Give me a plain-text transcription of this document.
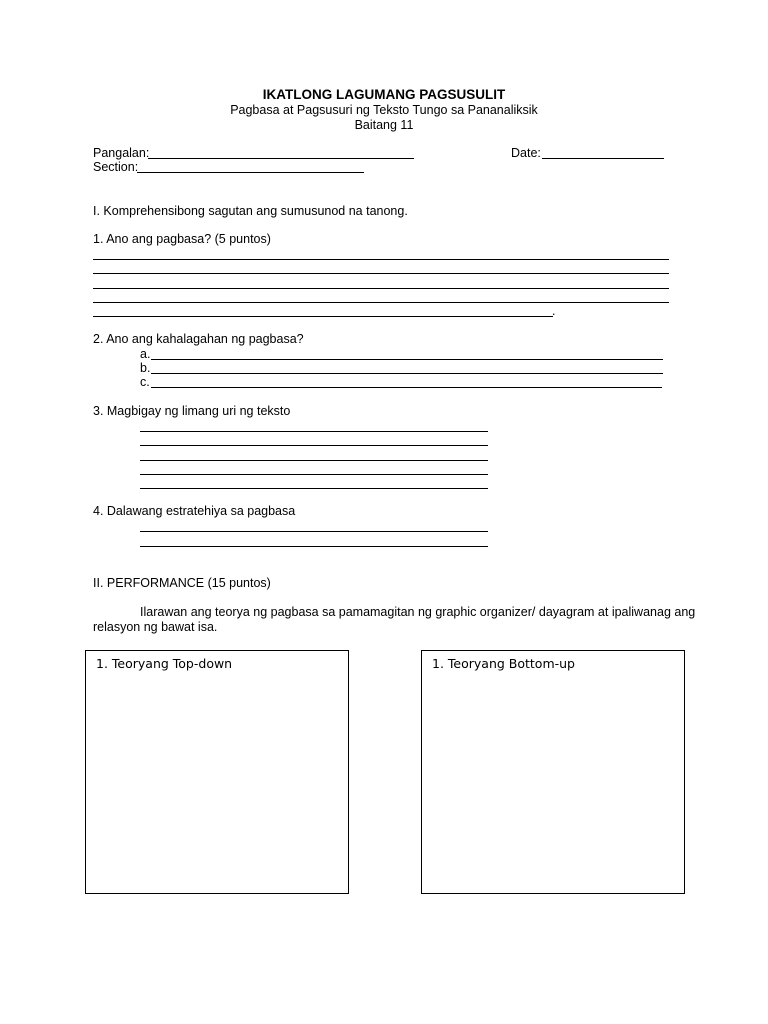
IKATLONG LAGUMANG PAGSUSULIT
Pagbasa at Pagsusuri ng Teksto Tungo sa Pananaliksik
Baitang 11
Pangalan:	Date:
Section:
I. Komprehensibong sagutan ang sumusunod na tanong.
1. Ano ang pagbasa? (5 puntos)
.
2. Ano ang kahalagahan ng pagbasa?
a.
b.
c.
3. Magbigay ng limang uri ng teksto
4. Dalawang estratehiya sa pagbasa
II. PERFORMANCE (15 puntos)
Ilarawan ang teorya ng pagbasa sa pamamagitan ng graphic organizer/ dayagram at ipaliwanag ang
relasyon ng bawat isa.
1. Teoryang Top-down	1. Teoryang Bottom-up
